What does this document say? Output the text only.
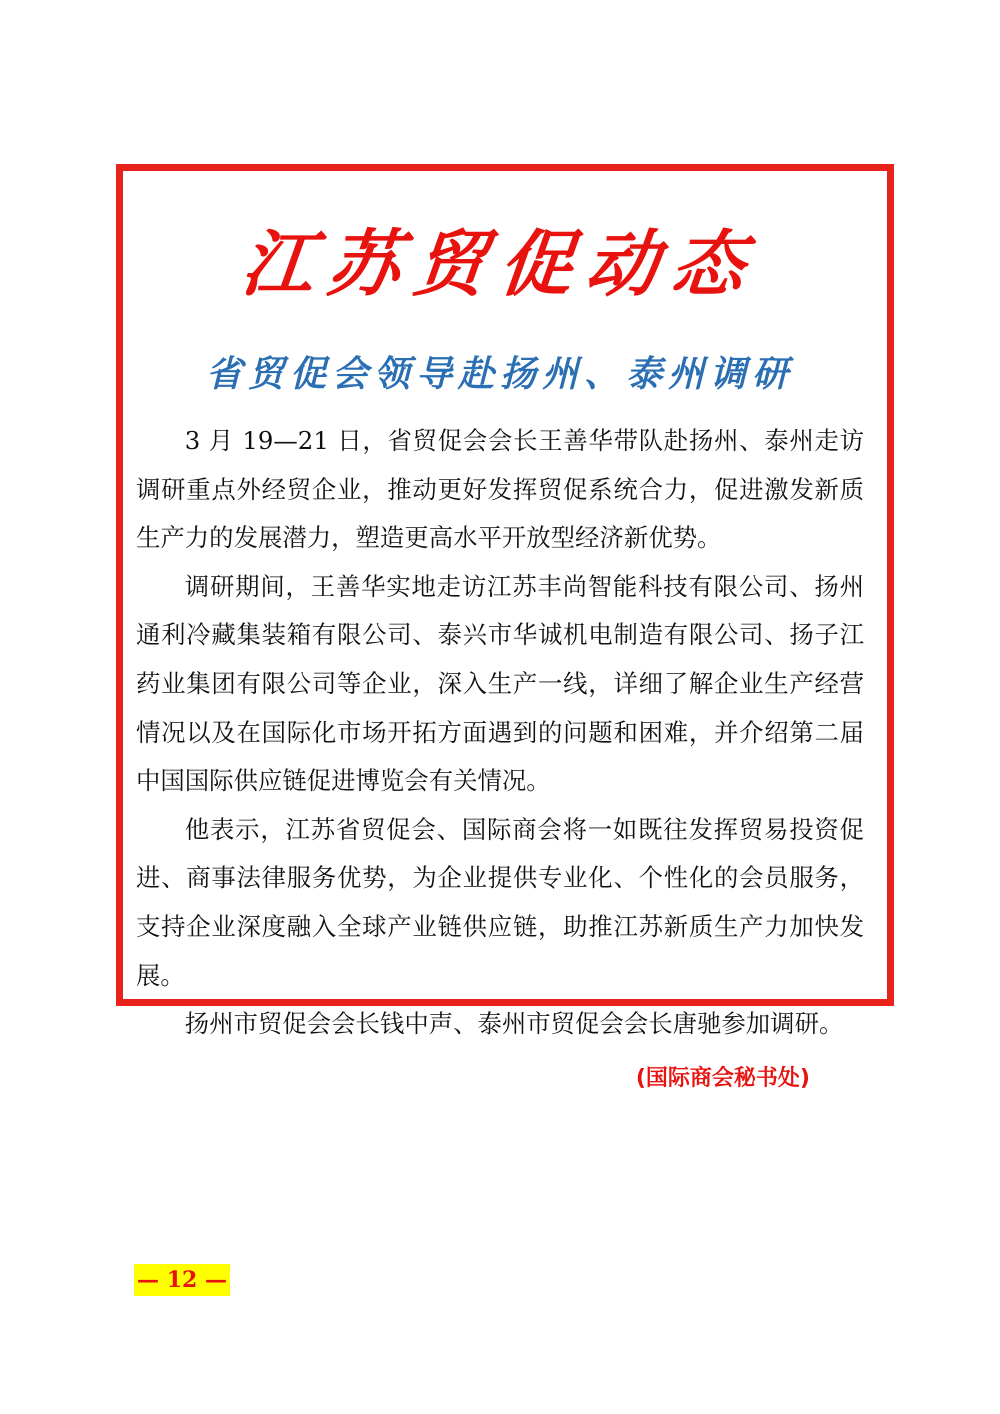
江苏贸促动态
省贸促会领导赴扬州、泰州调研

3 月 19—21 日，省贸促会会长王善华带队赴扬州、泰州走访调研重点外经贸企业，推动更好发挥贸促系统合力，促进激发新质生产力的发展潜力，塑造更高水平开放型经济新优势。

调研期间，王善华实地走访江苏丰尚智能科技有限公司、扬州通利冷藏集装箱有限公司、泰兴市华诚机电制造有限公司、扬子江药业集团有限公司等企业，深入生产一线，详细了解企业生产经营情况以及在国际化市场开拓方面遇到的问题和困难，并介绍第二届中国国际供应链促进博览会有关情况。

他表示，江苏省贸促会、国际商会将一如既往发挥贸易投资促进、商事法律服务优势，为企业提供专业化、个性化的会员服务，支持企业深度融入全球产业链供应链，助推江苏新质生产力加快发展。

扬州市贸促会会长钱中声、泰州市贸促会会长唐驰参加调研。

(国际商会秘书处)
— 12 —
